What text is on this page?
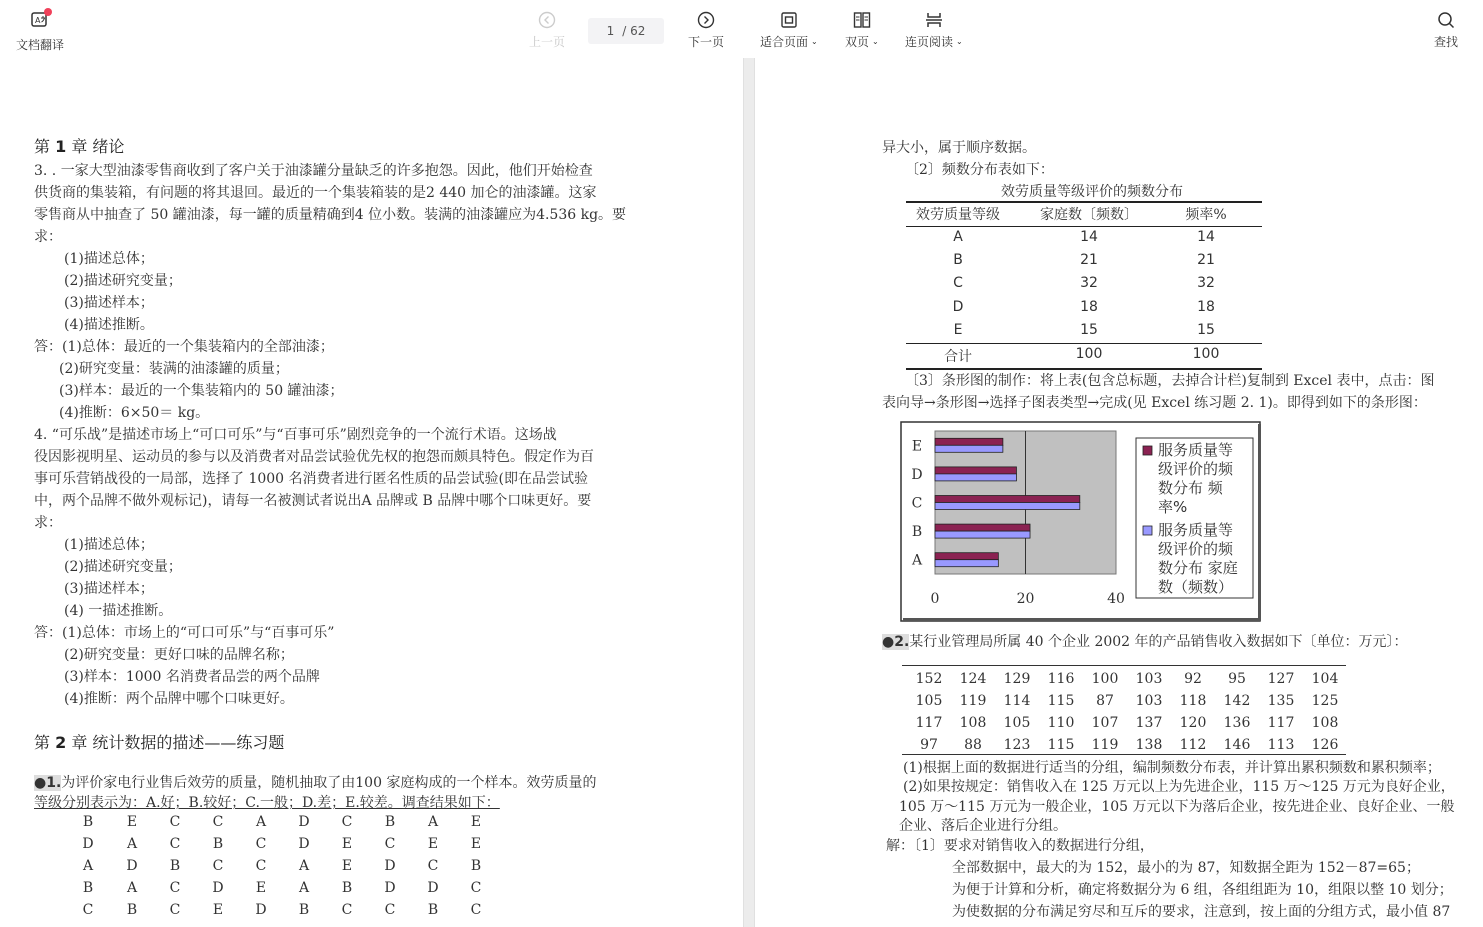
A
文档翻译	上一页
1 / 62
下一页	适合页面 ⌄ 双页 ⌄ 连页阅读 ⌄	查找
第 1 章 绪论
3. . 一家大型油漆零售商收到了客户关于油漆罐分量缺乏的许多抱怨。因此，他们开始检查
供货商的集装箱，有问题的将其退回。最近的一个集装箱装的是2 440 加仑的油漆罐。这家
零售商从中抽查了 50 罐油漆，每一罐的质量精确到4 位小数。装满的油漆罐应为4.536 kg。要
求：
(1)描述总体；
(2)描述研究变量；
(3)描述样本；
(4)描述推断。
答：(1)总体：最近的一个集装箱内的全部油漆；
(2)研究变量：装满的油漆罐的质量；
(3)样本：最近的一个集装箱内的 50 罐油漆；
(4)推断：6×50＝ kg。
4. “可乐战”是描述市场上“可口可乐”与“百事可乐”剧烈竞争的一个流行术语。这场战
役因影视明星、运动员的参与以及消费者对品尝试验优先权的抱怨而颇具特色。假定作为百
事可乐营销战役的一局部，选择了 1000 名消费者进行匿名性质的品尝试验(即在品尝试验
中，两个品牌不做外观标记)，请每一名被测试者说出A 品牌或 B 品牌中哪个口味更好。要
求：
(1)描述总体；
(2)描述研究变量；
(3)描述样本；
(4) 一描述推断。
答：(1)总体：市场上的“可口可乐”与“百事可乐”
(2)研究变量：更好口味的品牌名称；
(3)样本：1000 名消费者品尝的两个品牌
(4)推断：两个品牌中哪个口味更好。
第 2 章 统计数据的描述——练习题
●1.为评价家电行业售后效劳的质量，随机抽取了由100 家庭构成的一个样本。效劳质量的
等级分别表示为：A.好；B.较好；C.一般；D.差；E.较差。调查结果如下：
B	E	C	C	A	D	C	B	A	E
D	A	C	B	C	D	E	C	E	E
A	D	B	C	C	A	E	D	C	B
B	A	C	D	E	A	B	D	D	C
C	B	C	E	D	B	C	C	B	C
异大小，属于顺序数据。
〔2〕频数分布表如下：
效劳质量等级评价的频数分布
效劳质量等级	家庭数〔频数〕	频率%
A	14	14
B	21	21
C	32	32
D	18	18
E	15	15
合计	100	100
〔3〕条形图的制作：将上表(包含总标题，去掉合计栏)复制到 Excel 表中，点击：图
表向导→条形图→选择子图表类型→完成(见 Excel 练习题 2. 1)。即得到如下的条形图：
A
B
C
D
E
0	20	40
服务质量等
级评价的频
数分布 频
率%
服务质量等
级评价的频
数分布 家庭
数（频数）
●2.某行业管理局所属 40 个企业 2002 年的产品销售收入数据如下〔单位：万元〕：
152	124	129	116	100	103	92	95	127	104
105	119	114	115	87	103	118	142	135	125
117	108	105	110	107	137	120	136	117	108
97	88	123	115	119	138	112	146	113	126
(1)根据上面的数据进行适当的分组，编制频数分布表，并计算出累积频数和累积频率；
(2)如果按规定：销售收入在 125 万元以上为先进企业，115 万～125 万元为良好企业，
105 万～115 万元为一般企业，105 万元以下为落后企业，按先进企业、良好企业、一般
企业、落后企业进行分组。
解：〔1〕要求对销售收入的数据进行分组，
全部数据中，最大的为 152，最小的为 87，知数据全距为 152－87=65；
为便于计算和分析，确定将数据分为 6 组，各组组距为 10，组限以整 10 划分；
为使数据的分布满足穷尽和互斥的要求，注意到，按上面的分组方式，最小值 87
